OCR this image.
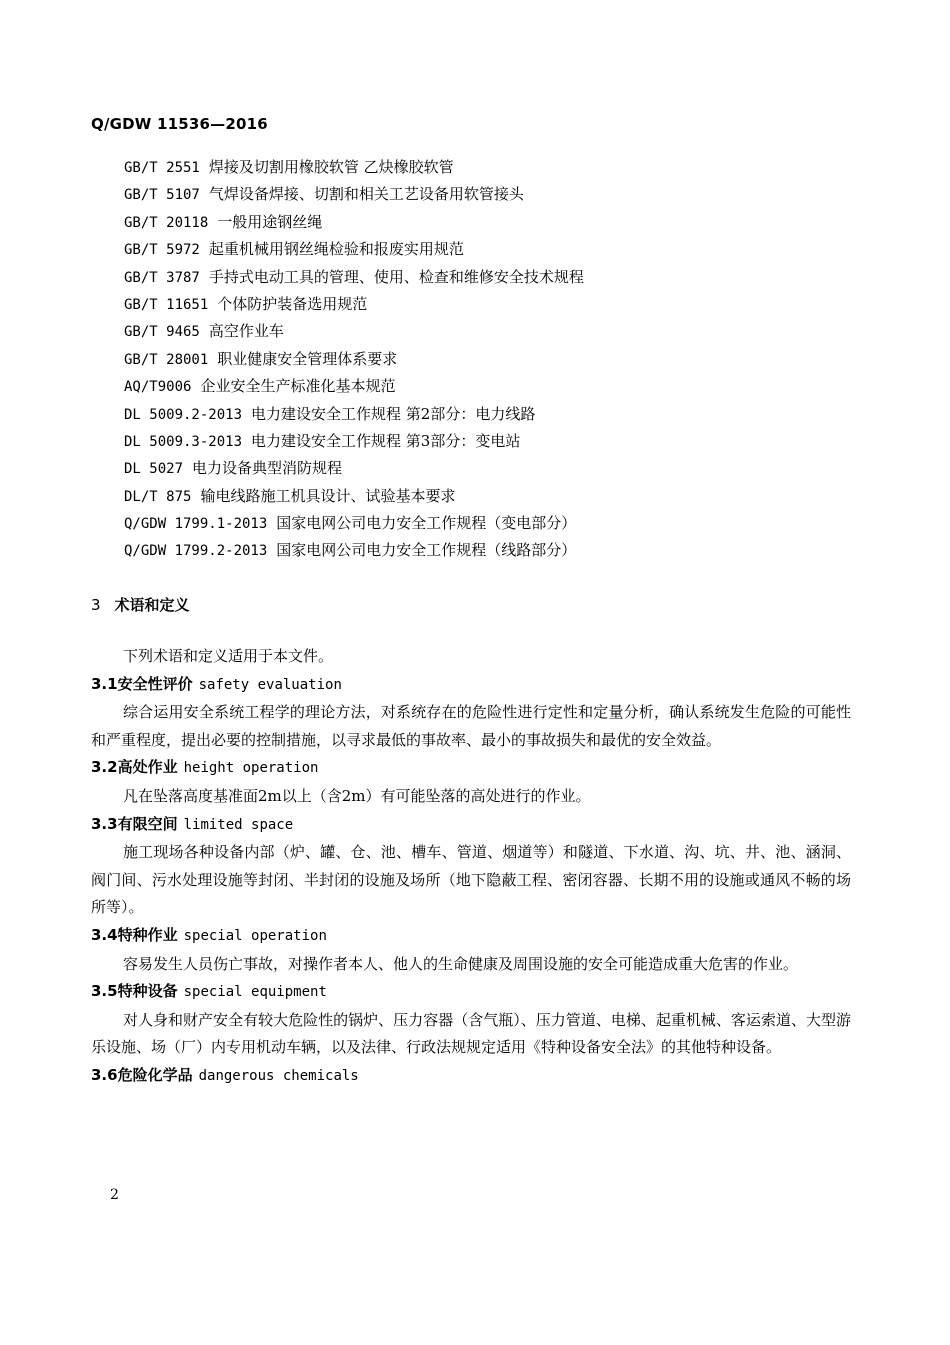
Q/GDW 11536—2016
GB/T 2551 焊接及切割用橡胶软管 乙炔橡胶软管
GB/T 5107 气焊设备焊接、切割和相关工艺设备用软管接头
GB/T 20118 一般用途钢丝绳
GB/T 5972 起重机械用钢丝绳检验和报废实用规范
GB/T 3787 手持式电动工具的管理、使用、检查和维修安全技术规程
GB/T 11651 个体防护装备选用规范
GB/T 9465 高空作业车
GB/T 28001 职业健康安全管理体系要求
AQ/T9006 企业安全生产标准化基本规范
DL 5009.2-2013 电力建设安全工作规程 第2部分：电力线路
DL 5009.3-2013 电力建设安全工作规程 第3部分：变电站
DL 5027 电力设备典型消防规程
DL/T 875 输电线路施工机具设计、试验基本要求
Q/GDW 1799.1-2013 国家电网公司电力安全工作规程（变电部分）
Q/GDW 1799.2-2013 国家电网公司电力安全工作规程（线路部分）
3 术语和定义

下列术语和定义适用于本文件。

3.1安全性评价 safety evaluation

综合运用安全系统工程学的理论方法，对系统存在的危险性进行定性和定量分析，确认系统发生危险的可能性和严重程度，提出必要的控制措施，以寻求最低的事故率、最小的事故损失和最优的安全效益。

3.2高处作业 height operation

凡在坠落高度基准面2m以上（含2m）有可能坠落的高处进行的作业。

3.3有限空间 limited space

施工现场各种设备内部（炉、罐、仓、池、槽车、管道、烟道等）和隧道、下水道、沟、坑、井、池、涵洞、阀门间、污水处理设施等封闭、半封闭的设施及场所（地下隐蔽工程、密闭容器、长期不用的设施或通风不畅的场所等）。

3.4特种作业 special operation

容易发生人员伤亡事故，对操作者本人、他人的生命健康及周围设施的安全可能造成重大危害的作业。

3.5特种设备 special equipment

对人身和财产安全有较大危险性的锅炉、压力容器（含气瓶）、压力管道、电梯、起重机械、客运索道、大型游乐设施、场（厂）内专用机动车辆，以及法律、行政法规规定适用《特种设备安全法》的其他特种设备。

3.6危险化学品 dangerous chemicals

2
